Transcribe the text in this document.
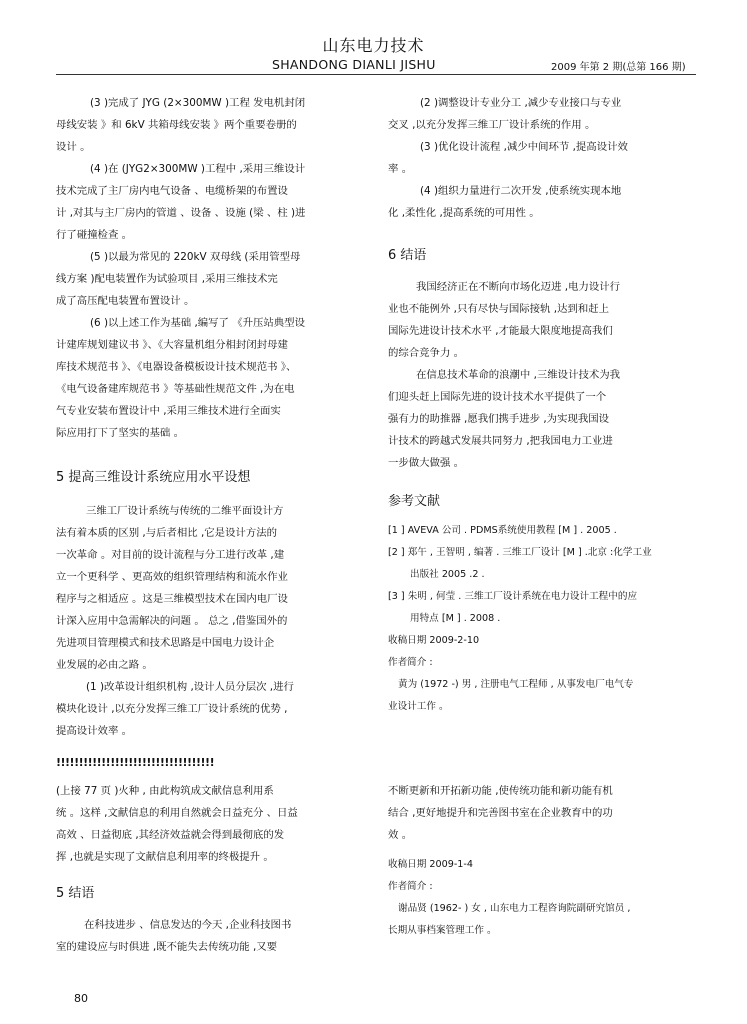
山东电力技术
SHANDONG DIANLI JISHU	2009 年第 2 期(总第 166 期)

(3 )完成了 JYG (2×300MW )工程 发电机封闭

母线安装 》和 6kV 共箱母线安装 》两个重要卷册的

设计 。

(4 )在 (JYG2×300MW )工程中 ,采用三维设计

技术完成了主厂房内电气设备 、电缆桥架的布置设

计 ,对其与主厂房内的管道 、设备 、设施 (梁 、柱 )进

行了碰撞检查 。

(5 )以最为常见的 220kV 双母线 (采用管型母

线方案 )配电装置作为试验项目 ,采用三维技术完

成了高压配电装置布置设计 。

(6 )以上述工作为基础 ,编写了 《升压站典型设

计建库规划建议书 》、《大容量机组分相封闭封母建

库技术规范书 》、《电器设备模板设计技术规范书 》、

《电气设备建库规范书 》等基础性规范文件 ,为在电

气专业安装布置设计中 ,采用三维技术进行全面实

际应用打下了坚实的基础 。

5 提高三维设计系统应用水平设想

三维工厂设计系统与传统的二维平面设计方

法有着本质的区别 ,与后者相比 ,它是设计方法的

一次革命 。对目前的设计流程与分工进行改革 ,建

立一个更科学 、更高效的组织管理结构和流水作业

程序与之相适应 。这是三维模型技术在国内电厂设

计深入应用中急需解决的问题 。 总之 ,借鉴国外的

先进项目管理模式和技术思路是中国电力设计企

业发展的必由之路 。

(1 )改革设计组织机构 ,设计人员分层次 ,进行

模块化设计 ,以充分发挥三维工厂设计系统的优势 ,

提高设计效率 。

(2 )调整设计专业分工 ,减少专业接口与专业

交叉 ,以充分发挥三维工厂设计系统的作用 。

(3 )优化设计流程 ,减少中间环节 ,提高设计效

率 。

(4 )组织力量进行二次开发 ,使系统实现本地

化 ,柔性化 ,提高系统的可用性 。

6 结语

我国经济正在不断向市场化迈进 ,电力设计行

业也不能例外 ,只有尽快与国际接轨 ,达到和赶上

国际先进设计技术水平 ,才能最大限度地提高我们

的综合竞争力 。

在信息技术革命的浪潮中 ,三维设计技术为我

们迎头赶上国际先进的设计技术水平提供了一个

强有力的助推器 ,愿我们携手进步 ,为实现我国设

计技术的跨越式发展共同努力 ,把我国电力工业进

一步做大做强 。

参考文献

[1 ] AVEVA 公司 . PDMS系统使用教程 [M ] . 2005 .

[2 ] 郑午 , 王智明 , 编著 . 三维工厂设计 [M ] .北京 :化学工业

出版社 2005 .2 .

[3 ] 朱明 , 何莹 . 三维工厂设计系统在电力设计工程中的应

用特点 [M ] . 2008 .

收稿日期 2009-2-10

作者简介 :

黄为 (1972 -) 男 , 注册电气工程师 , 从事发电厂电气专

业设计工作 。

!!!!!!!!!!!!!!!!!!!!!!!!!!!!!!!!!!!

(上接 77 页 )火种 , 由此构筑成文献信息利用系

统 。这样 ,文献信息的利用自然就会日益充分 、日益

高效 、日益彻底 ,其经济效益就会得到最彻底的发

挥 ,也就是实现了文献信息利用率的终极提升 。

5 结语

在科技进步 、信息发达的今天 ,企业科技图书

室的建设应与时俱进 ,既不能失去传统功能 ,又要

不断更新和开拓新功能 ,使传统功能和新功能有机

结合 ,更好地提升和完善图书室在企业教育中的功

效 。

收稿日期 2009-1-4

作者简介 :

谢品贤 (1962- ) 女 , 山东电力工程咨询院副研究馆员 ,

长期从事档案管理工作 。

80
